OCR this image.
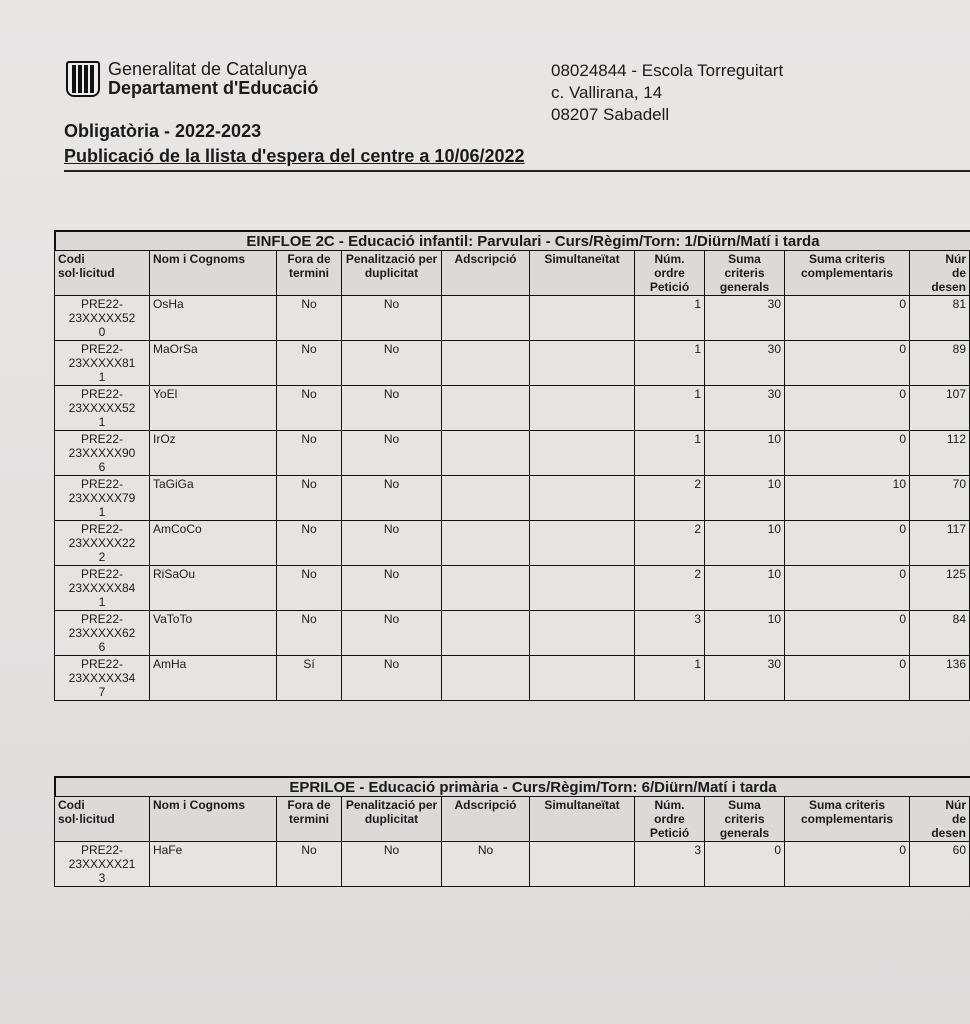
Generalitat de Catalunya
Departament d'Educació
08024844 - Escola Torreguitart
c. Vallirana, 14
08207 Sabadell
Obligatòria - 2022-2023
Publicació de la llista d'espera del centre a 10/06/2022
EINFLOE 2C - Educació infantil: Parvulari - Curs/Règim/Torn: 1/Diürn/Matí i tarda
Codi
sol·licitud	Nom i Cognoms	Fora de termini	Penalització per duplicitat	Adscripció	Simultaneïtat	Núm. ordre Petició	Suma criteris generals	Suma criteris complementaris	Núr
de
desen
PRE22-
23XXXXX52
0	OsHa	No	No			1	30	0	81
PRE22-
23XXXXX81
1	MaOrSa	No	No			1	30	0	89
PRE22-
23XXXXX52
1	YoEl	No	No			1	30	0	107
PRE22-
23XXXXX90
6	IrOz	No	No			1	10	0	112
PRE22-
23XXXXX79
1	TaGiGa	No	No			2	10	10	70
PRE22-
23XXXXX22
2	AmCoCo	No	No			2	10	0	117
PRE22-
23XXXXX84
1	RiSaOu	No	No			2	10	0	125
PRE22-
23XXXXX62
6	VaToTo	No	No			3	10	0	84
PRE22-
23XXXXX34
7	AmHa	Sí	No			1	30	0	136
EPRILOE - Educació primària - Curs/Règim/Torn: 6/Diürn/Matí i tarda
Codi
sol·licitud	Nom i Cognoms	Fora de termini	Penalització per duplicitat	Adscripció	Simultaneïtat	Núm. ordre Petició	Suma criteris generals	Suma criteris complementaris	Núr
de
desen
PRE22-
23XXXXX21
3	HaFe	No	No	No		3	0	0	60
